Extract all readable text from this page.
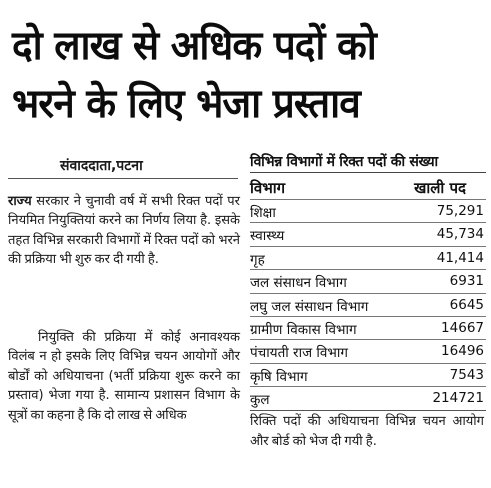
दो लाख से अधिक पदों को
भरने के लिए भेजा प्रस्ताव
संवाददाता,पटना
राज्य सरकार ने चुनावी वर्ष में सभी रिक्त पदों पर नियमित नियुक्तियां करने का निर्णय लिया है. इसके तहत विभिन्न सरकारी विभागों में रिक्त पदों को भरने की प्रक्रिया भी शुरु कर दी गयी है.
नियुक्ति की प्रक्रिया में कोई अनावश्यक विलंब न हो इसके लिए विभिन्न चयन आयोगों और बोर्डों को अधियाचना (भर्ती प्रक्रिया शुरू करने का प्रस्ताव) भेजा गया है. सामान्य प्रशासन विभाग के सूत्रों का कहना है कि दो लाख से अधिक
विभिन्न विभागों में रिक्त पदों की संख्या
विभाग	खाली पद
शिक्षा	75,291
स्वास्थ्य	45,734
गृह	41,414
जल संसाधन विभाग	6931
लघु जल संसाधन विभाग	6645
ग्रामीण विकास विभाग	14667
पंचायती राज विभाग	16496
कृषि विभाग	7543
कुल	214721
रिक्ति पदों की अधियाचना विभिन्न चयन आयोग और बोर्ड को भेज दी गयी है.
